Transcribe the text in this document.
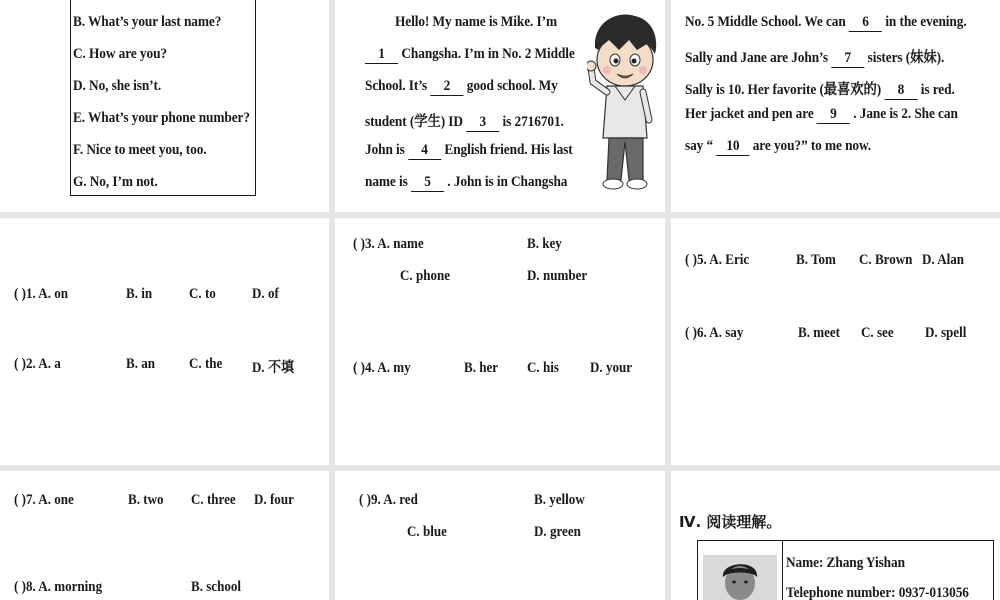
B. What’s your last name?
C. How are you?
D. No, she isn’t.
E. What’s your phone number?
F. Nice to meet you, too.
G. No, I’m not.
Hello! My name is Mike. I’m
1 Changsha. I’m in No. 2 Middle
School. It’s 2 good school. My
student (学生) ID 3 is 2716701.
John is 4 English friend. His last
name is 5 . John is in Changsha
No. 5 Middle School. We can 6 in the evening.
Sally and Jane are John’s 7 sisters (妹妹).
Sally is 10. Her favorite (最喜欢的) 8 is red.
Her jacket and pen are 9 . Jane is 2. She can
say “ 10 are you?” to me now.
( )1. A. on	B. in	C. to D. of
( )2. A. a	B. an C. the D. 不填
( )3. A. name	B. key
C. phone	D. number
( )4. A. my	B. her C. his D. your
( )5. A. Eric	B. Tom C. Brown D. Alan
( )6. A. say	B. meet C. see D. spell
( )7. A. one	B. two C. three D. four
( )8. A. morning	B. school
( )9. A. red	B. yellow
C. blue	D. green
Ⅳ. 阅读理解。
Name: Zhang Yishan
Telephone number: 0937-013056
